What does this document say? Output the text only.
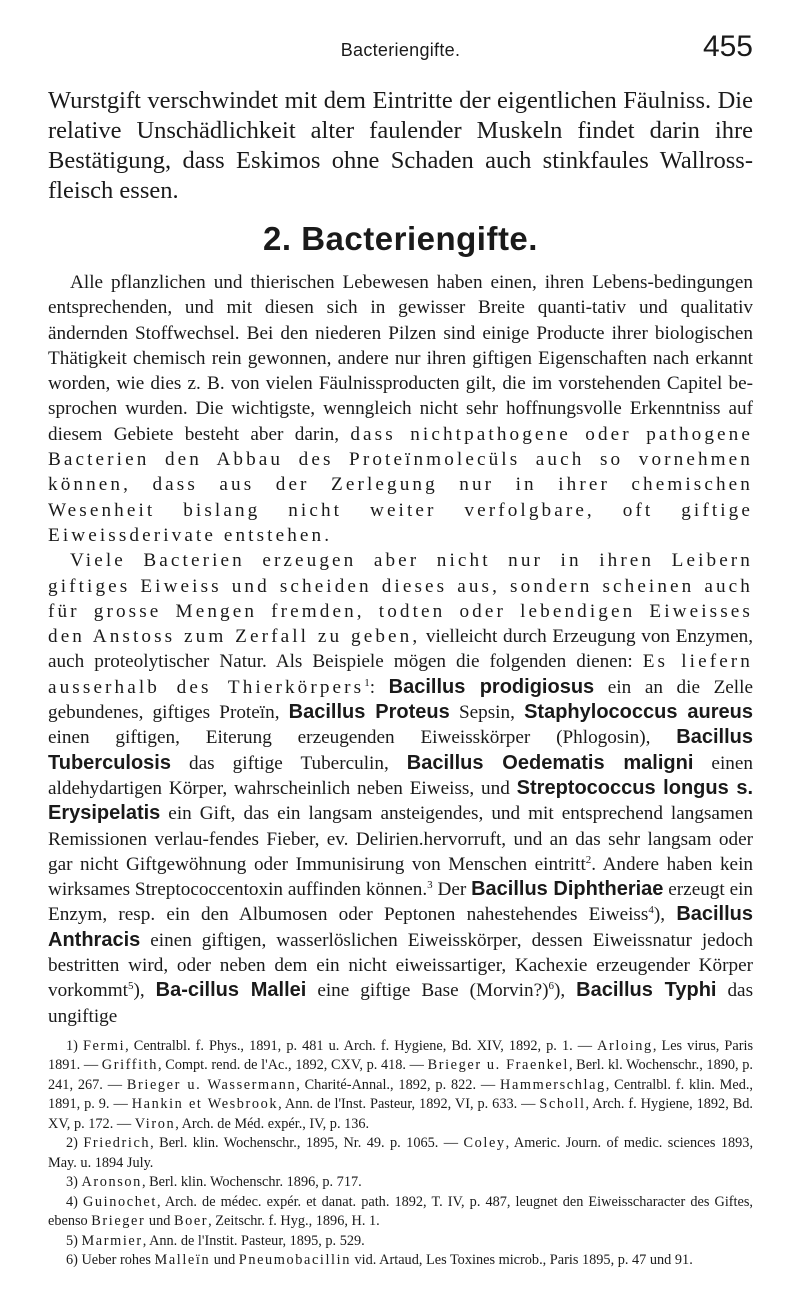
Bacteriengifte.	455

Wurstgift verschwindet mit dem Eintritte der eigentlichen Fäulniss. Die relative Unschädlichkeit alter faulender Muskeln findet darin ihre Bestätigung, dass Eskimos ohne Schaden auch stinkfaules Wallross-fleisch essen.

2. Bacteriengifte.

Alle pflanzlichen und thierischen Lebewesen haben einen, ihren Lebens-bedingungen entsprechenden, und mit diesen sich in gewisser Breite quanti-tativ und qualitativ ändernden Stoffwechsel. Bei den niederen Pilzen sind einige Producte ihrer biologischen Thätigkeit chemisch rein gewonnen, andere nur ihren giftigen Eigenschaften nach erkannt worden, wie dies z. B. von vielen Fäulnissproducten gilt, die im vorstehenden Capitel be-sprochen wurden. Die wichtigste, wenngleich nicht sehr hoffnungsvolle Erkenntniss auf diesem Gebiete besteht aber darin, dass nichtpathogene oder pathogene Bacterien den Abbau des Proteïnmolecüls auch so vornehmen können, dass aus der Zerlegung nur in ihrer chemischen Wesenheit bislang nicht weiter verfolgbare, oft giftige Eiweissderivate entstehen.

Viele Bacterien erzeugen aber nicht nur in ihren Leibern giftiges Eiweiss und scheiden dieses aus, sondern scheinen auch für grosse Mengen fremden, todten oder lebendigen Eiweisses den Anstoss zum Zerfall zu geben, vielleicht durch Erzeugung von Enzymen, auch proteolytischer Natur. Als Beispiele mögen die folgenden dienen: Es liefern ausserhalb des Thierkörpers$^1$: Bacillus prodigiosus ein an die Zelle gebundenes, giftiges Proteïn, Bacillus Proteus Sepsin, Staphylococcus aureus einen giftigen, Eiterung erzeugenden Eiweisskörper (Phlogosin), Bacillus Tuberculosis das giftige Tuberculin, Bacillus Oedematis maligni einen aldehydartigen Körper, wahrscheinlich neben Eiweiss, und Streptococcus longus s. Erysipelatis ein Gift, das ein langsam ansteigendes, und mit entsprechend langsamen Remissionen verlau-fendes Fieber, ev. Delirien.hervorruft, und an das sehr langsam oder gar nicht Giftgewöhnung oder Immunisirung von Menschen eintritt$^2$. Andere haben kein wirksames Streptococcentoxin auffinden können.$^3$ Der Bacillus Diphtheriae erzeugt ein Enzym, resp. ein den Albumosen oder Peptonen nahestehendes Eiweiss$^4$), Bacillus Anthracis einen giftigen, wasserlöslichen Eiweisskörper, dessen Eiweissnatur jedoch bestritten wird, oder neben dem ein nicht eiweissartiger, Kachexie erzeugender Körper vorkommt$^5$), Ba-cillus Mallei eine giftige Base (Morvin?)$^6$), Bacillus Typhi das ungiftige

1) Fermi, Centralbl. f. Phys., 1891, p. 481 u. Arch. f. Hygiene, Bd. XIV, 1892, p. 1. — Arloing, Les virus, Paris 1891. — Griffith, Compt. rend. de l'Ac., 1892, CXV, p. 418. — Brieger u. Fraenkel, Berl. kl. Wochenschr., 1890, p. 241, 267. — Brieger u. Wassermann, Charité-Annal., 1892, p. 822. — Hammerschlag, Centralbl. f. klin. Med., 1891, p. 9. — Hankin et Wesbrook, Ann. de l'Inst. Pasteur, 1892, VI, p. 633. — Scholl, Arch. f. Hygiene, 1892, Bd. XV, p. 172. — Viron, Arch. de Méd. expér., IV, p. 136.

2) Friedrich, Berl. klin. Wochenschr., 1895, Nr. 49. p. 1065. — Coley, Americ. Journ. of medic. sciences 1893, May. u. 1894 July.

3) Aronson, Berl. klin. Wochenschr. 1896, p. 717.

4) Guinochet, Arch. de médec. expér. et danat. path. 1892, T. IV, p. 487, leugnet den Eiweisscharacter des Giftes, ebenso Brieger und Boer, Zeitschr. f. Hyg., 1896, H. 1.

5) Marmier, Ann. de l'Instit. Pasteur, 1895, p. 529.

6) Ueber rohes Malleïn und Pneumobacillin vid. Artaud, Les Toxines microb., Paris 1895, p. 47 und 91.
